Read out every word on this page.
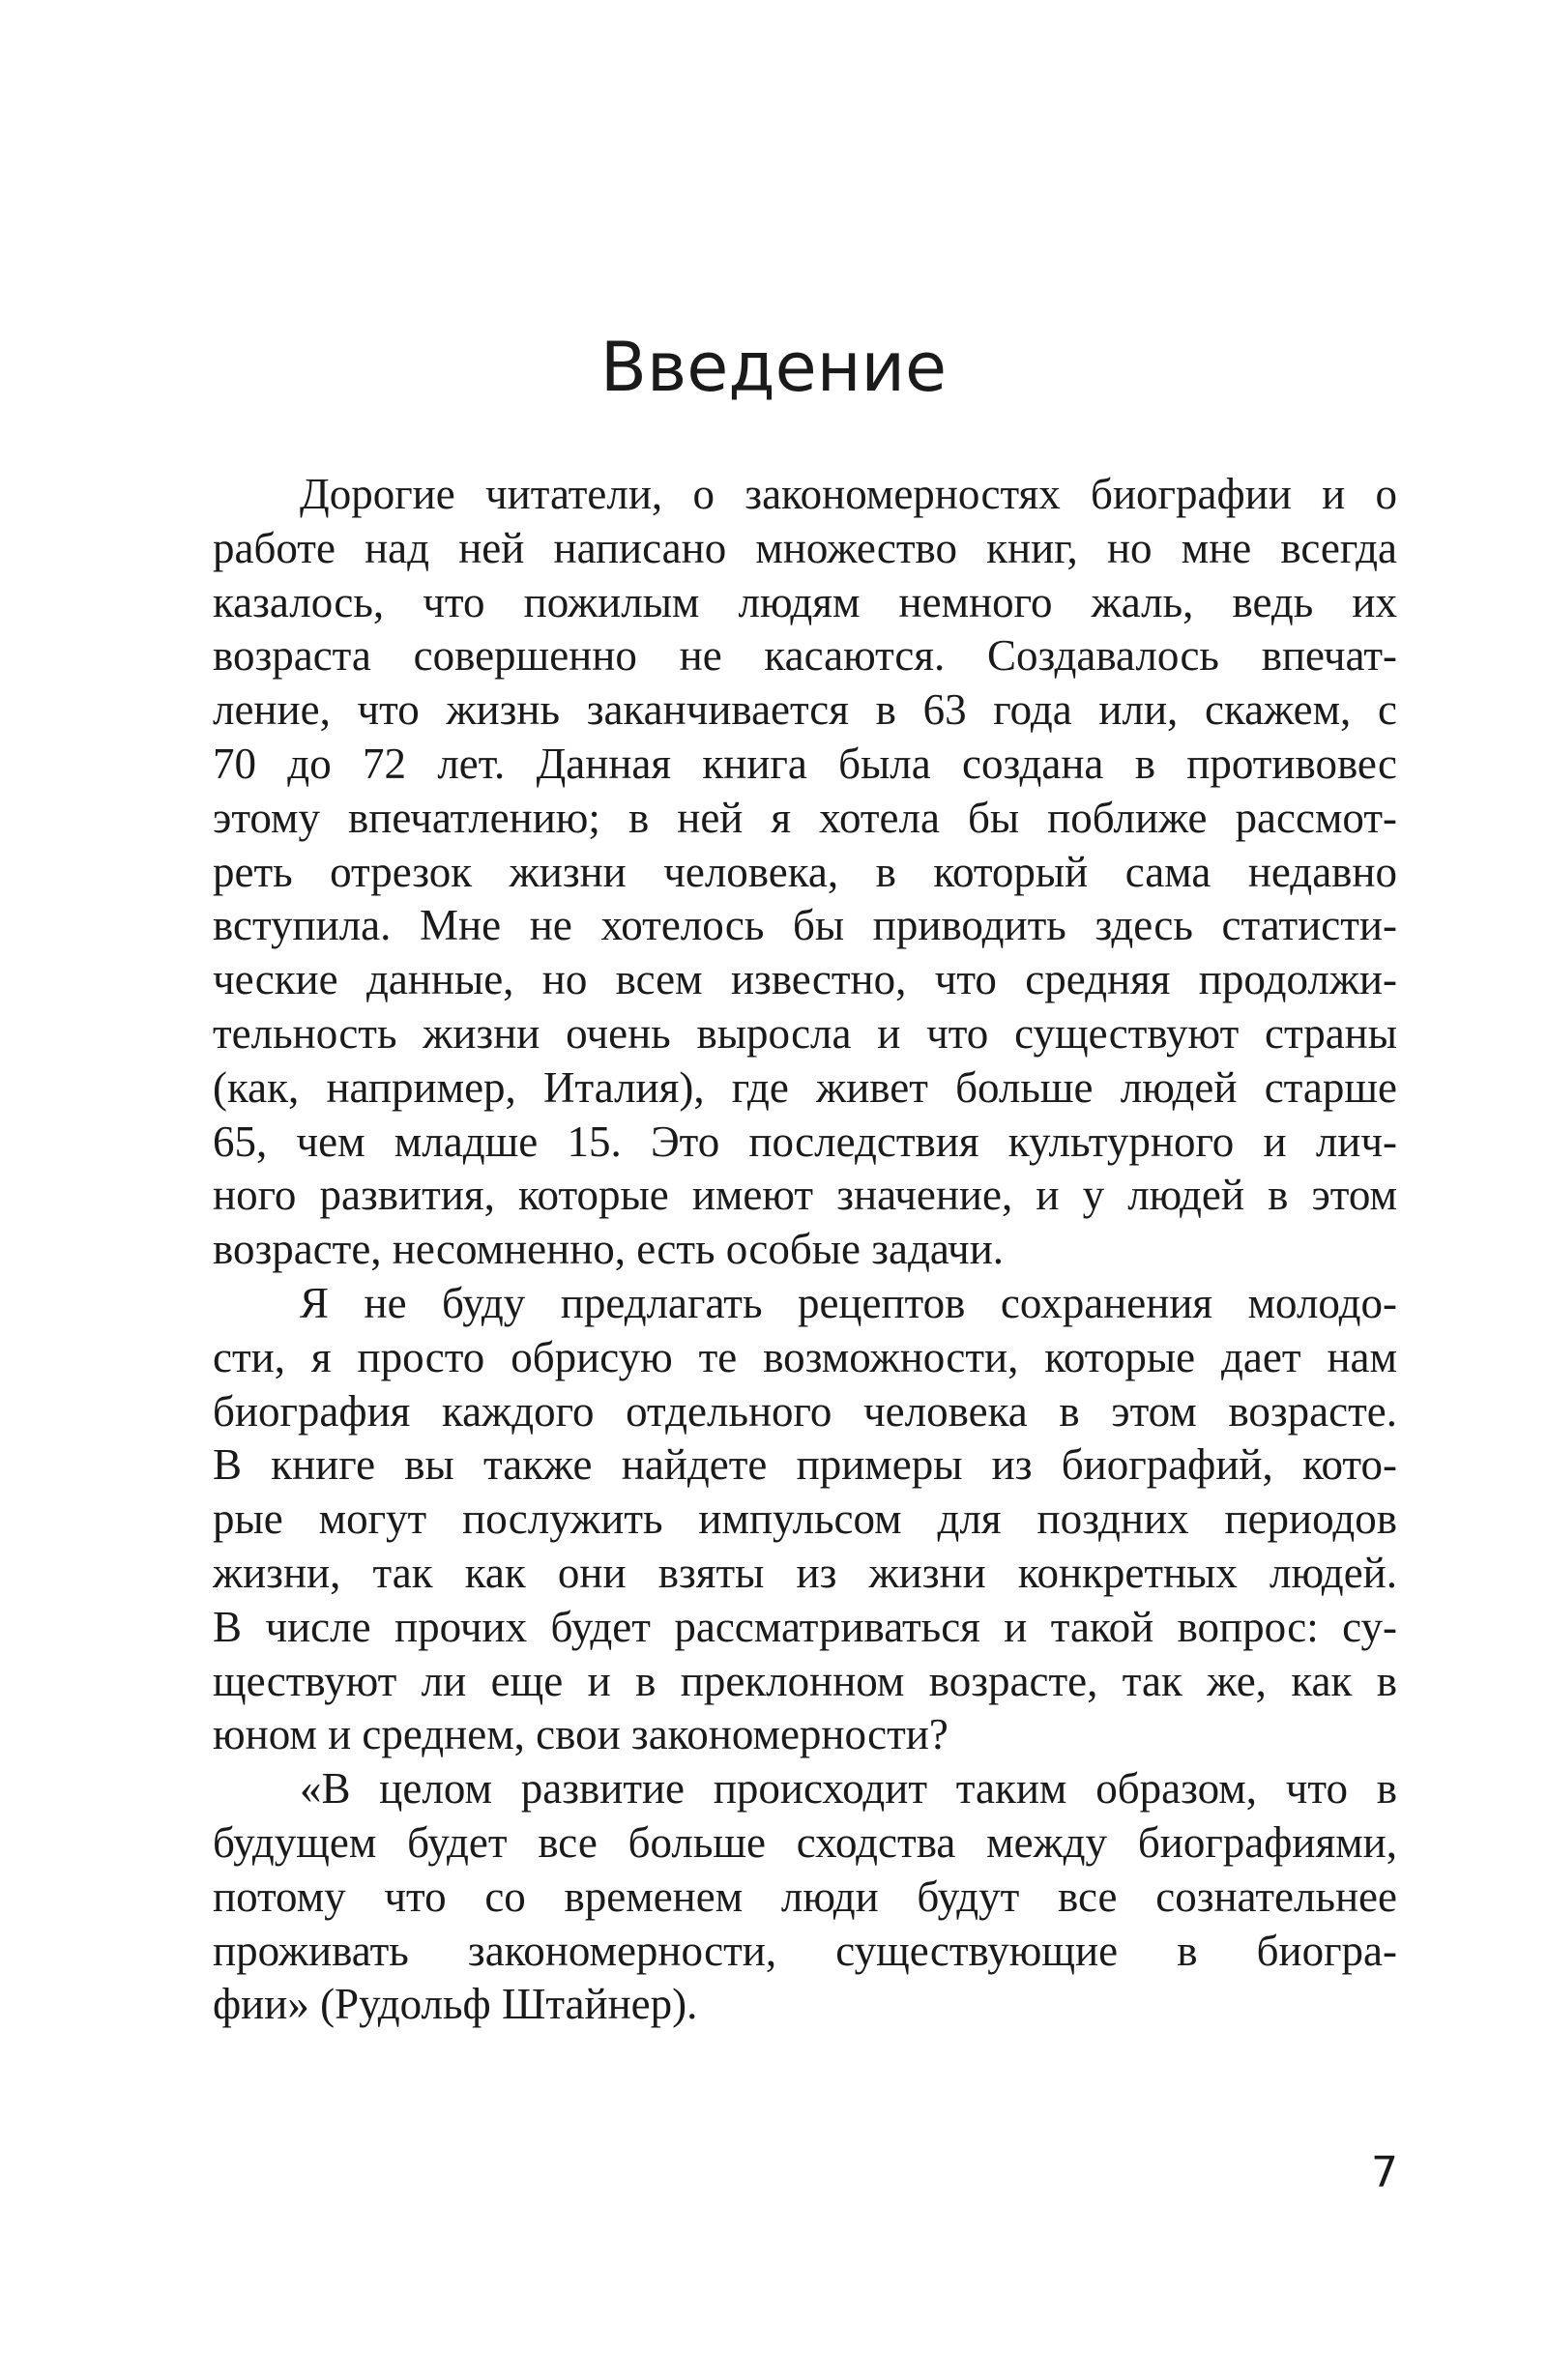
Введение

Дорогие читатели, о закономерностях биографии и о
работе над ней написано множество книг, но мне всегда
казалось, что пожилым людям немного жаль, ведь их
возраста совершенно не касаются. Создавалось впечат-
ление, что жизнь заканчивается в 63 года или, скажем, с
70 до 72 лет. Данная книга была создана в противовес
этому впечатлению; в ней я хотела бы поближе рассмот-
реть отрезок жизни человека, в который сама недавно
вступила. Мне не хотелось бы приводить здесь статисти-
ческие данные, но всем известно, что средняя продолжи-
тельность жизни очень выросла и что существуют страны
(как, например, Италия), где живет больше людей старше
65, чем младше 15. Это последствия культурного и лич-
ного развития, которые имеют значение, и у людей в этом
возрасте, несомненно, есть особые задачи.

Я не буду предлагать рецептов сохранения молодо-
сти, я просто обрисую те возможности, которые дает нам
биография каждого отдельного человека в этом возрасте.
В книге вы также найдете примеры из биографий, кото-
рые могут послужить импульсом для поздних периодов
жизни, так как они взяты из жизни конкретных людей.
В числе прочих будет рассматриваться и такой вопрос: су-
ществуют ли еще и в преклонном возрасте, так же, как в
юном и среднем, свои закономерности?

«В целом развитие происходит таким образом, что в
будущем будет все больше сходства между биографиями,
потому что со временем люди будут все сознательнее
проживать закономерности, существующие в биогра-
фии» (Рудольф Штайнер).

7
